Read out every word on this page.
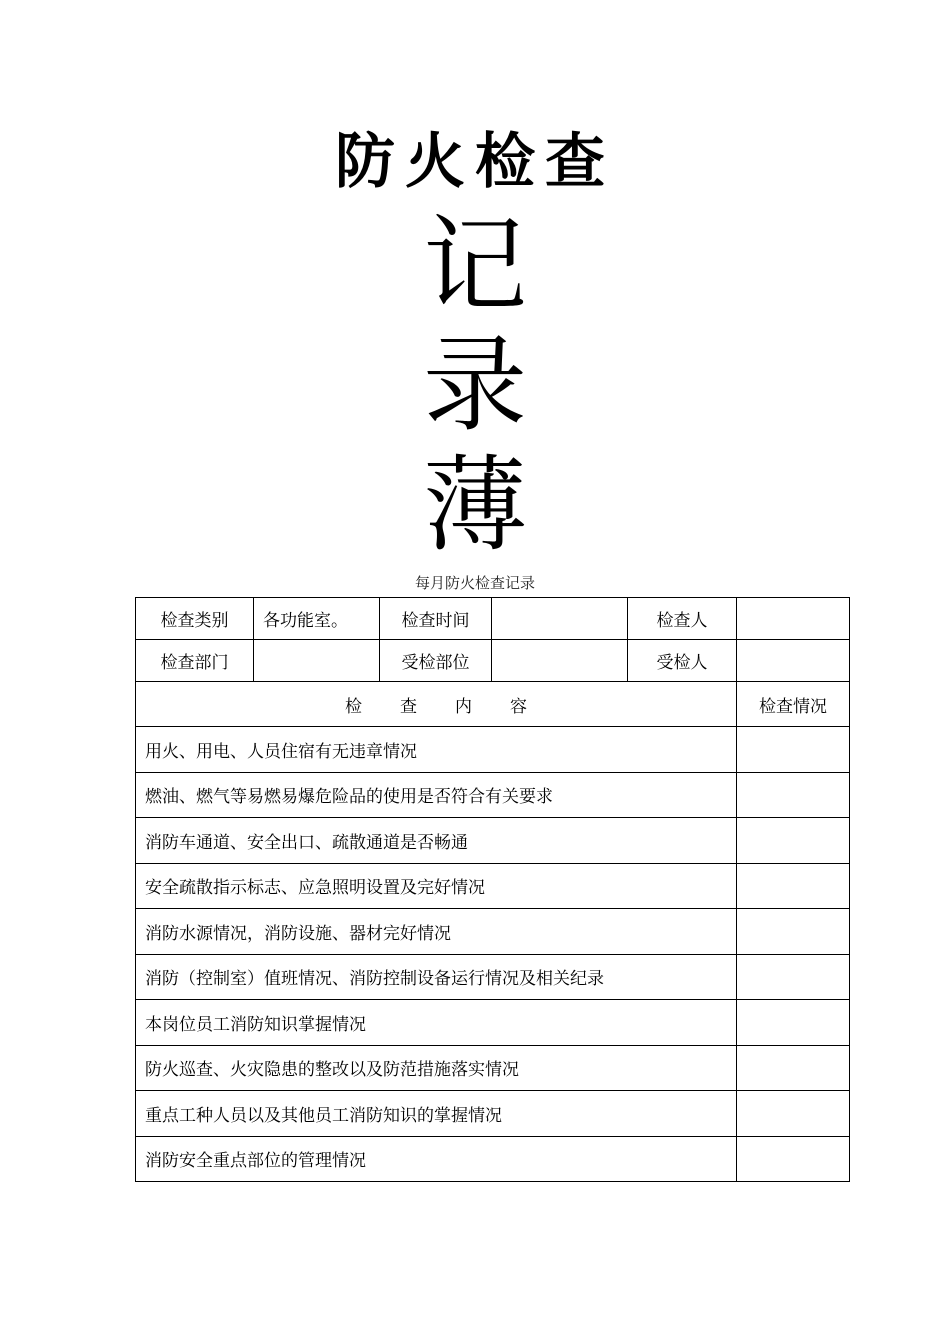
防火检查
记
录
薄
每月防火检查记录
检查类别	各功能室。	检查时间		检查人	
检查部门		受检部位		受检人	
检查内容					检查情况
用火、用电、人员住宿有无违章情况					
燃油、燃气等易燃易爆危险品的使用是否符合有关要求					
消防车通道、安全出口、疏散通道是否畅通					
安全疏散指示标志、应急照明设置及完好情况					
消防水源情况，消防设施、器材完好情况					
消防（控制室）值班情况、消防控制设备运行情况及相关纪录					
本岗位员工消防知识掌握情况					
防火巡查、火灾隐患的整改以及防范措施落实情况					
重点工种人员以及其他员工消防知识的掌握情况					
消防安全重点部位的管理情况					
